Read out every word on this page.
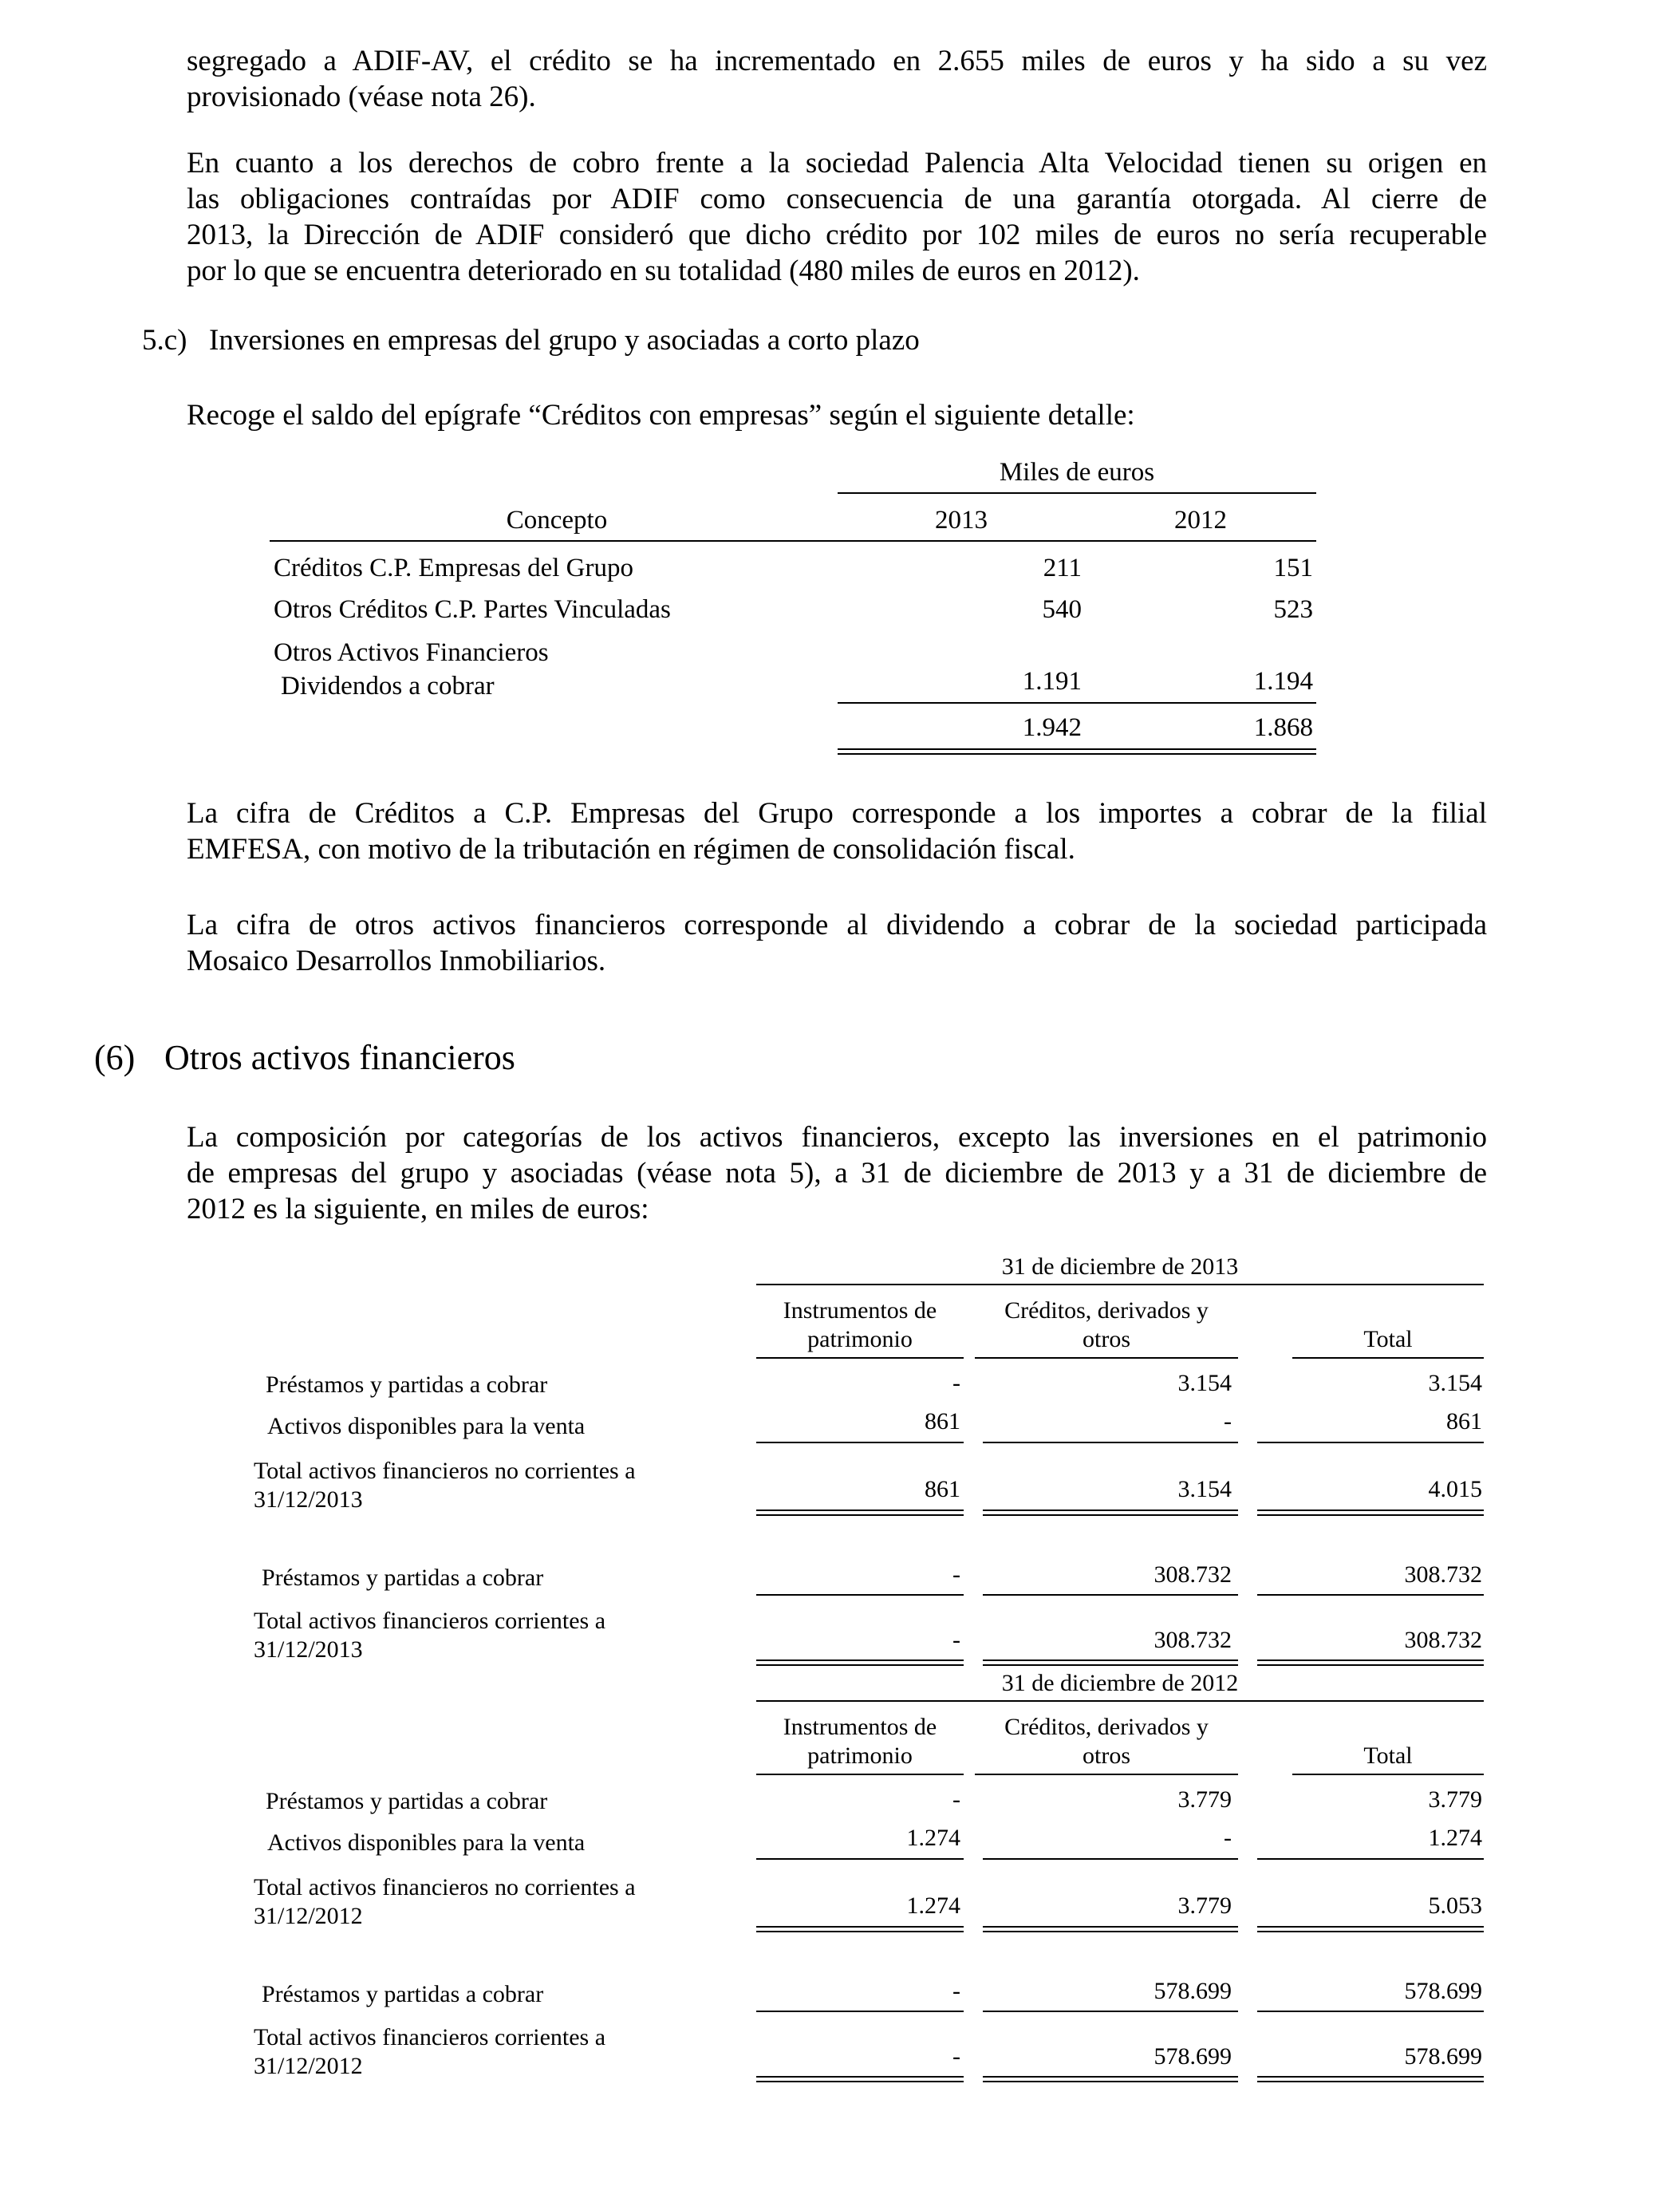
segregado a ADIF-AV, el crédito se ha incrementado en 2.655 miles de euros y ha sido a su vez
provisionado (véase nota 26).

En cuanto a los derechos de cobro frente a la sociedad Palencia Alta Velocidad tienen su origen en
las obligaciones contraídas por ADIF como consecuencia de una garantía otorgada. Al cierre de
2013, la Dirección de ADIF consideró que dicho crédito por 102 miles de euros no sería recuperable
por lo que se encuentra deteriorado en su totalidad (480 miles de euros en 2012).

5.c) Inversiones en empresas del grupo y asociadas a corto plazo
Recoge el saldo del epígrafe “Créditos con empresas” según el siguiente detalle:
Miles de euros
Concepto	2013	2012
Créditos C.P. Empresas del Grupo	211	151
Otros Créditos C.P. Partes Vinculadas	540	523
Otros Activos Financieros
Dividendos a cobrar	1.191	1.194
1.942	1.868

La cifra de Créditos a C.P. Empresas del Grupo corresponde a los importes a cobrar de la filial
EMFESA, con motivo de la tributación en régimen de consolidación fiscal.

La cifra de otros activos financieros corresponde al dividendo a cobrar de la sociedad participada
Mosaico Desarrollos Inmobiliarios.

(6) Otros activos financieros

La composición por categorías de los activos financieros, excepto las inversiones en el patrimonio
de empresas del grupo y asociadas (véase nota 5), a 31 de diciembre de 2013 y a 31 de diciembre de
2012 es la siguiente, en miles de euros:

31 de diciembre de 2013
Instrumentos de
patrimonio
Créditos, derivados y
otros	Total
Préstamos y partidas a cobrar	-	3.154	3.154
Activos disponibles para la venta	861	-	861
Total activos financieros no corrientes a
31/12/2013	861	3.154	4.015
Préstamos y partidas a cobrar	-	308.732	308.732
Total activos financieros corrientes a
31/12/2013	-	308.732	308.732
31 de diciembre de 2012
Instrumentos de
patrimonio
Créditos, derivados y
otros	Total
Préstamos y partidas a cobrar	-	3.779	3.779
Activos disponibles para la venta	1.274	-	1.274
Total activos financieros no corrientes a
31/12/2012	1.274	3.779	5.053
Préstamos y partidas a cobrar	-	578.699	578.699
Total activos financieros corrientes a
31/12/2012	-	578.699	578.699
